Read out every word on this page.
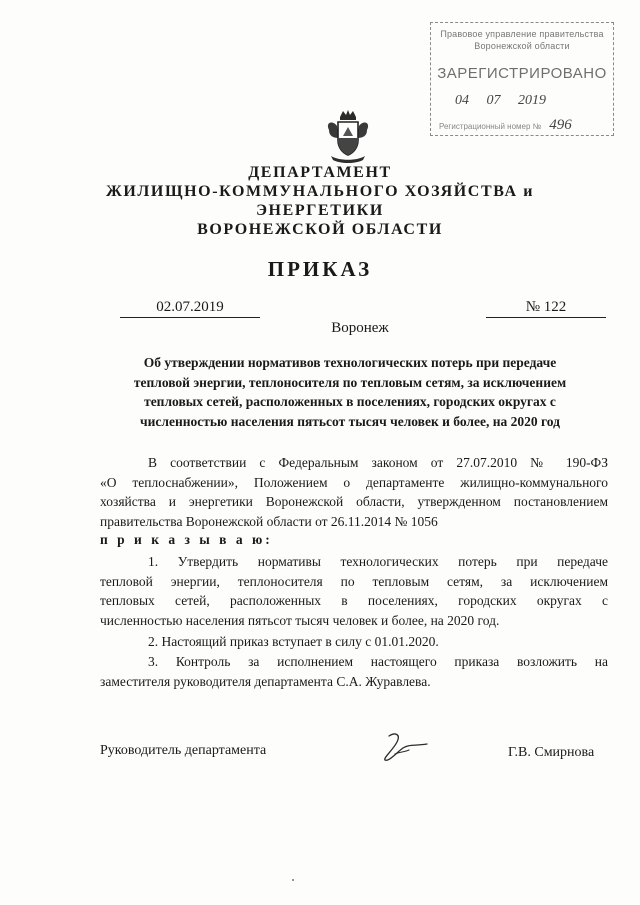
Правовое управление правительства
Воронежской области
ЗАРЕГИСТРИРОВАНО
04 07 2019
Регистрационный номер № 496
ДЕПАРТАМЕНТ
ЖИЛИЩНО-КОММУНАЛЬНОГО ХОЗЯЙСТВА и
ЭНЕРГЕТИКИ
ВОРОНЕЖСКОЙ ОБЛАСТИ
ПРИКАЗ
02.07.2019	№ 122
Воронеж
Об утверждении нормативов технологических потерь при передаче
тепловой энергии, теплоносителя по тепловым сетям, за исключением
тепловых сетей, расположенных в поселениях, городских округах с
численностью населения пятьсот тысяч человек и более, на 2020 год
В соответствии с Федеральным законом от 27.07.2010 № 190-ФЗ
«О теплоснабжении», Положением о департаменте жилищно-коммунального
хозяйства и энергетики Воронежской области, утвержденном постановлением
правительства Воронежской области от 26.11.2014 № 1056
п р и к а з ы в а ю:
1. Утвердить нормативы технологических потерь при передаче
тепловой энергии, теплоносителя по тепловым сетям, за исключением
тепловых сетей, расположенных в поселениях, городских округах с
численностью населения пятьсот тысяч человек и более, на 2020 год.
2. Настоящий приказ вступает в силу с 01.01.2020.
3. Контроль за исполнением настоящего приказа возложить на
заместителя руководителя департамента С.А. Журавлева.
Руководитель департамента	Г.В. Смирнова
